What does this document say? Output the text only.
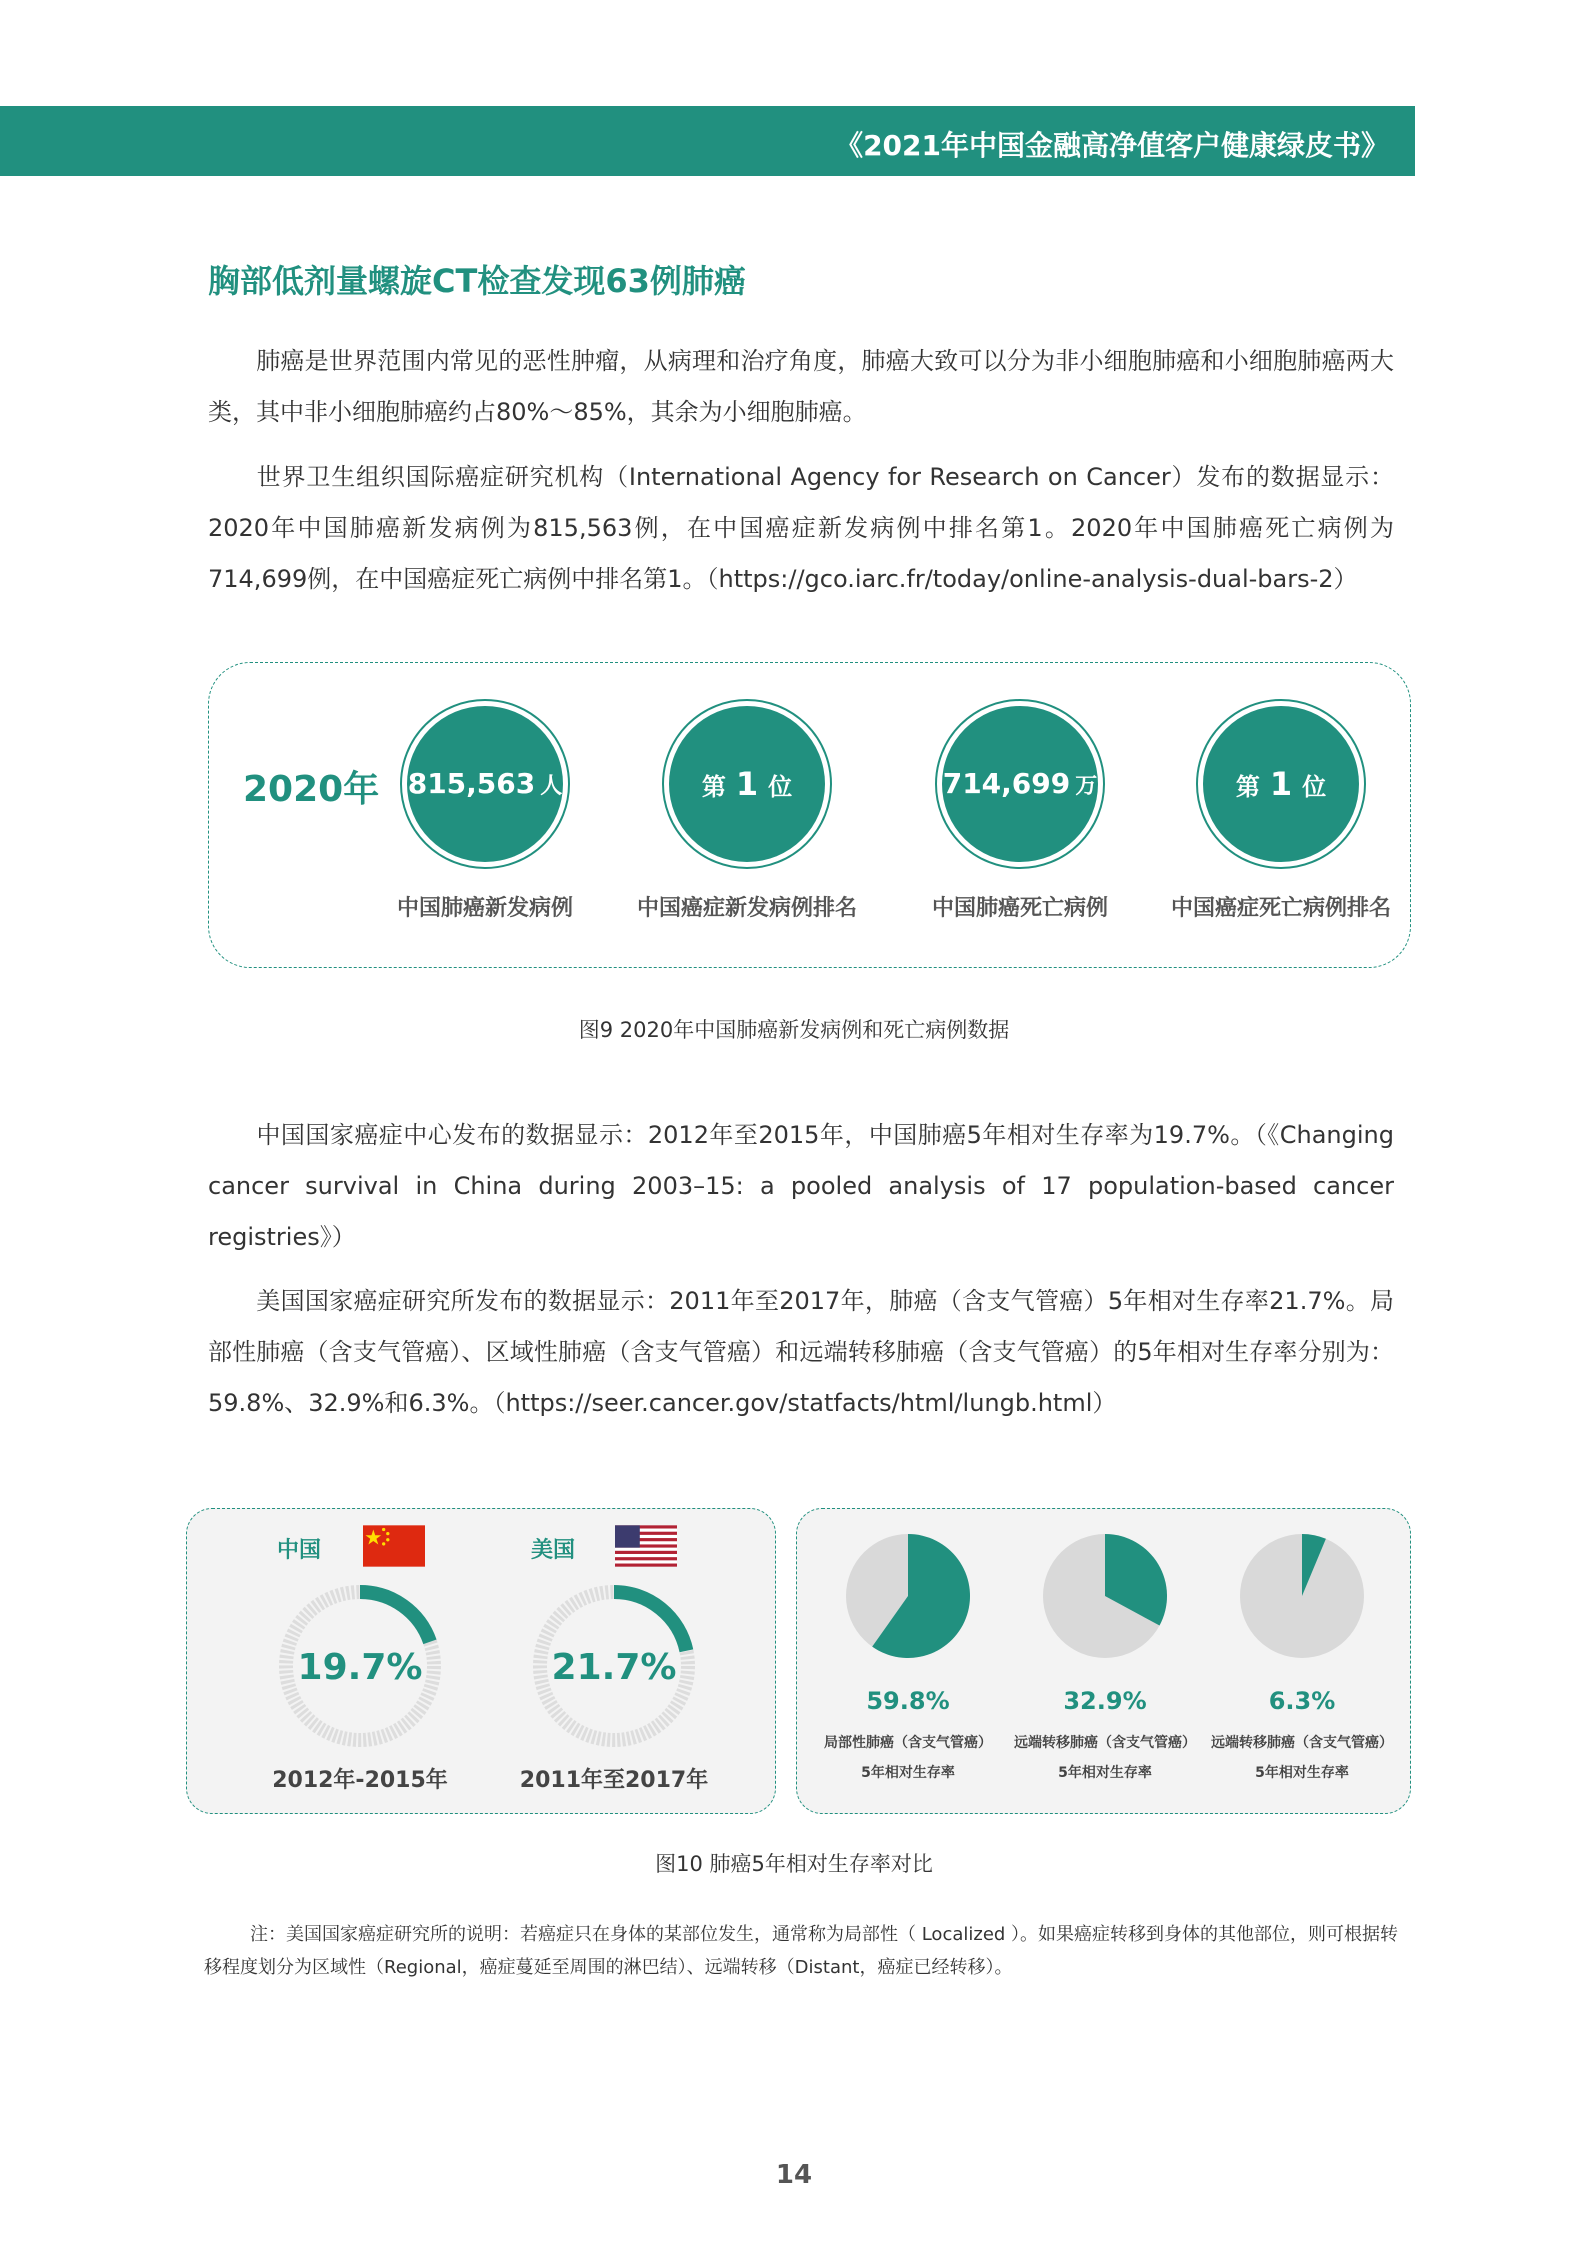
《2021年中国金融高净值客户健康绿皮书》
胸部低剂量螺旋CT检查发现63例肺癌

肺癌是世界范围内常见的恶性肿瘤，从病理和治疗角度，肺癌大致可以分为非小细胞肺癌和小细胞肺癌两大类，其中非小细胞肺癌约占80%～85%，其余为小细胞肺癌。

世界卫生组织国际癌症研究机构（International Agency for Research on Cancer）发布的数据显示：2020年中国肺癌新发病例为815,563例，在中国癌症新发病例中排名第1。2020年中国肺癌死亡病例为714,699例，在中国癌症死亡病例中排名第1。（https://gco.iarc.fr/today/online-analysis-dual-bars-2）

2020年 815,563 人
中国肺癌新发病例
第 1 位
中国癌症新发病例排名
714,699 万
中国肺癌死亡病例
第 1 位
中国癌症死亡病例排名
图9 2020年中国肺癌新发病例和死亡病例数据

中国国家癌症中心发布的数据显示：2012年至2015年，中国肺癌5年相对生存率为19.7%。（《Changing cancer survival in China during 2003–15: a pooled analysis of 17 population-based cancer registries》）

美国国家癌症研究所发布的数据显示：2011年至2017年，肺癌（含支气管癌）5年相对生存率21.7%。局部性肺癌（含支气管癌）、区域性肺癌（含支气管癌）和远端转移肺癌（含支气管癌）的5年相对生存率分别为：59.8%、32.9%和6.3%。（https://seer.cancer.gov/statfacts/html/lungb.html）

中国
19.7%
2012年-2015年
美国
21.7%
2011年至2017年
59.8%
局部性肺癌（含支气管癌）
5年相对生存率
32.9%
远端转移肺癌（含支气管癌）
5年相对生存率
6.3%
远端转移肺癌（含支气管癌）
5年相对生存率
图10 肺癌5年相对生存率对比

注：美国国家癌症研究所的说明：若癌症只在身体的某部位发生，通常称为局部性（ Localized ）。如果癌症转移到身体的其他部位，则可根据转移程度划分为区域性（Regional，癌症蔓延至周围的淋巴结）、远端转移（Distant，癌症已经转移）。

14
